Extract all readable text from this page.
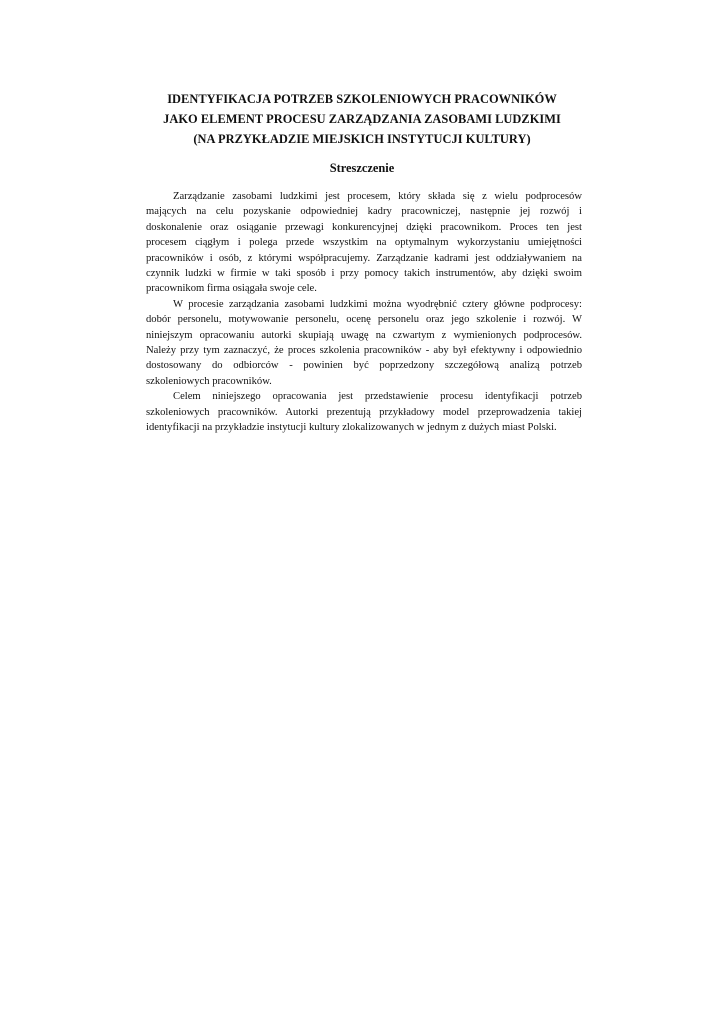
IDENTYFIKACJA POTRZEB SZKOLENIOWYCH PRACOWNIKÓW
JAKO ELEMENT PROCESU ZARZĄDZANIA ZASOBAMI LUDZKIMI
(NA PRZYKŁADZIE MIEJSKICH INSTYTUCJI KULTURY)
Streszczenie

Zarządzanie zasobami ludzkimi jest procesem, który składa się z wielu podprocesów
mających na celu pozyskanie odpowiedniej kadry pracowniczej, następnie jej rozwój i
doskonalenie oraz osiąganie przewagi konkurencyjnej dzięki pracownikom. Proces ten jest
procesem ciągłym i polega przede wszystkim na optymalnym wykorzystaniu umiejętności
pracowników i osób, z którymi współpracujemy. Zarządzanie kadrami jest oddziaływaniem na
czynnik ludzki w firmie w taki sposób i przy pomocy takich instrumentów, aby dzięki swoim
pracownikom firma osiągała swoje cele.

W procesie zarządzania zasobami ludzkimi można wyodrębnić cztery główne podprocesy:
dobór personelu, motywowanie personelu, ocenę personelu oraz jego szkolenie i rozwój. W
niniejszym opracowaniu autorki skupiają uwagę na czwartym z wymienionych podprocesów.
Należy przy tym zaznaczyć, że proces szkolenia pracowników - aby był efektywny i odpowiednio
dostosowany do odbiorców - powinien być poprzedzony szczegółową analizą potrzeb
szkoleniowych pracowników.

Celem niniejszego opracowania jest przedstawienie procesu identyfikacji potrzeb
szkoleniowych pracowników. Autorki prezentują przykładowy model przeprowadzenia takiej
identyfikacji na przykładzie instytucji kultury zlokalizowanych w jednym z dużych miast Polski.
